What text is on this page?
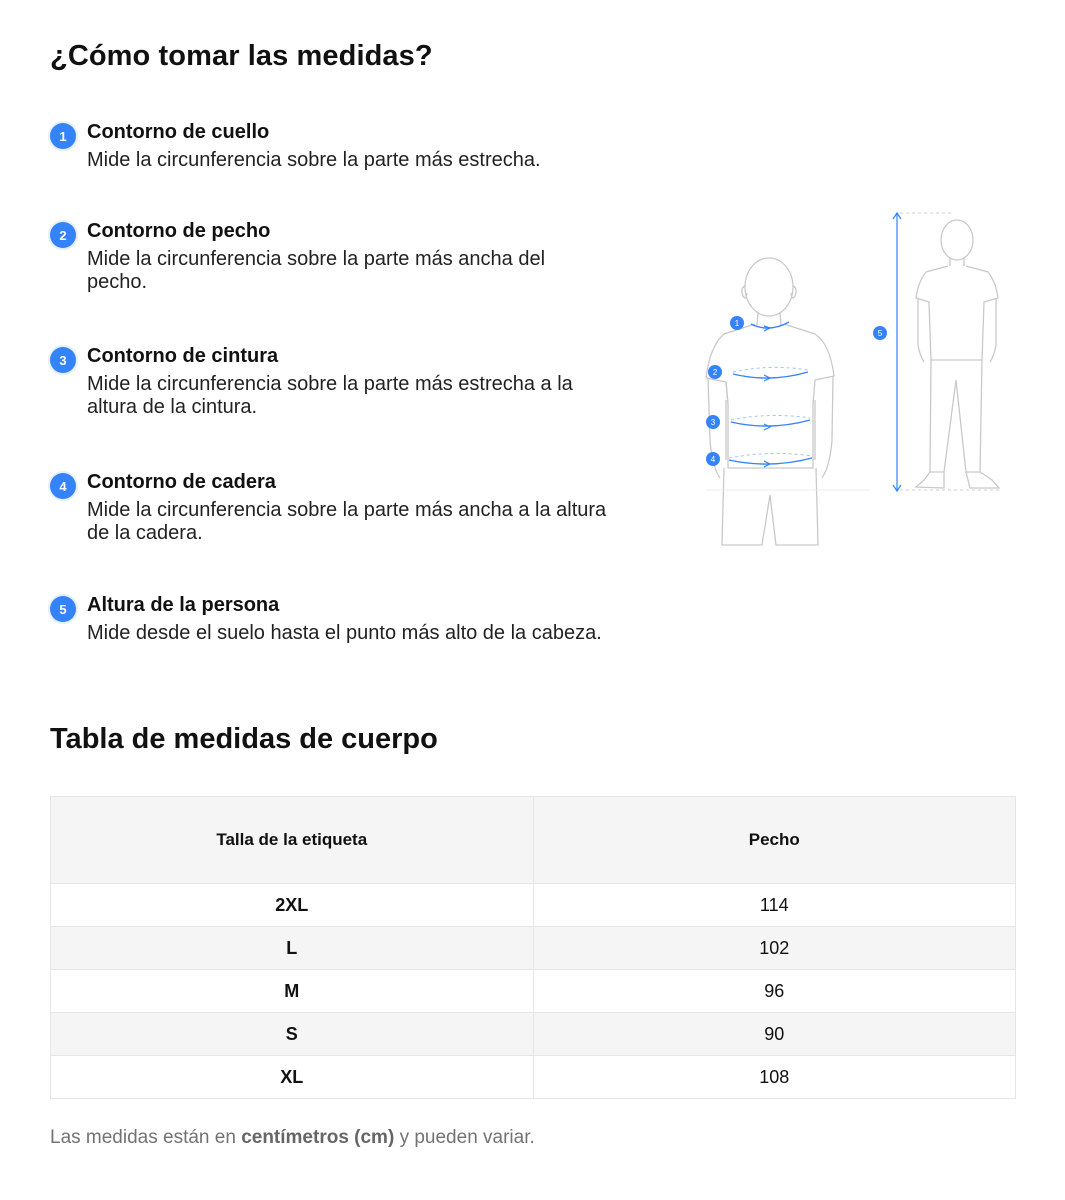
¿Cómo tomar las medidas?
1	Contorno de cuello
Mide la circunferencia sobre la parte más estrecha.
2	Contorno de pecho
Mide la circunferencia sobre la parte más ancha del pecho.
3	Contorno de cintura
Mide la circunferencia sobre la parte más estrecha a la altura de la cintura.
4	Contorno de cadera
Mide la circunferencia sobre la parte más ancha a la altura de la cadera.
5	Altura de la persona
Mide desde el suelo hasta el punto más alto de la cabeza.
1
2
3
4
5
Tabla de medidas de cuerpo
Talla de la etiqueta	Pecho
2XL	114
L	102
M	96
S	90
XL	108
Las medidas están en centímetros (cm) y pueden variar.
